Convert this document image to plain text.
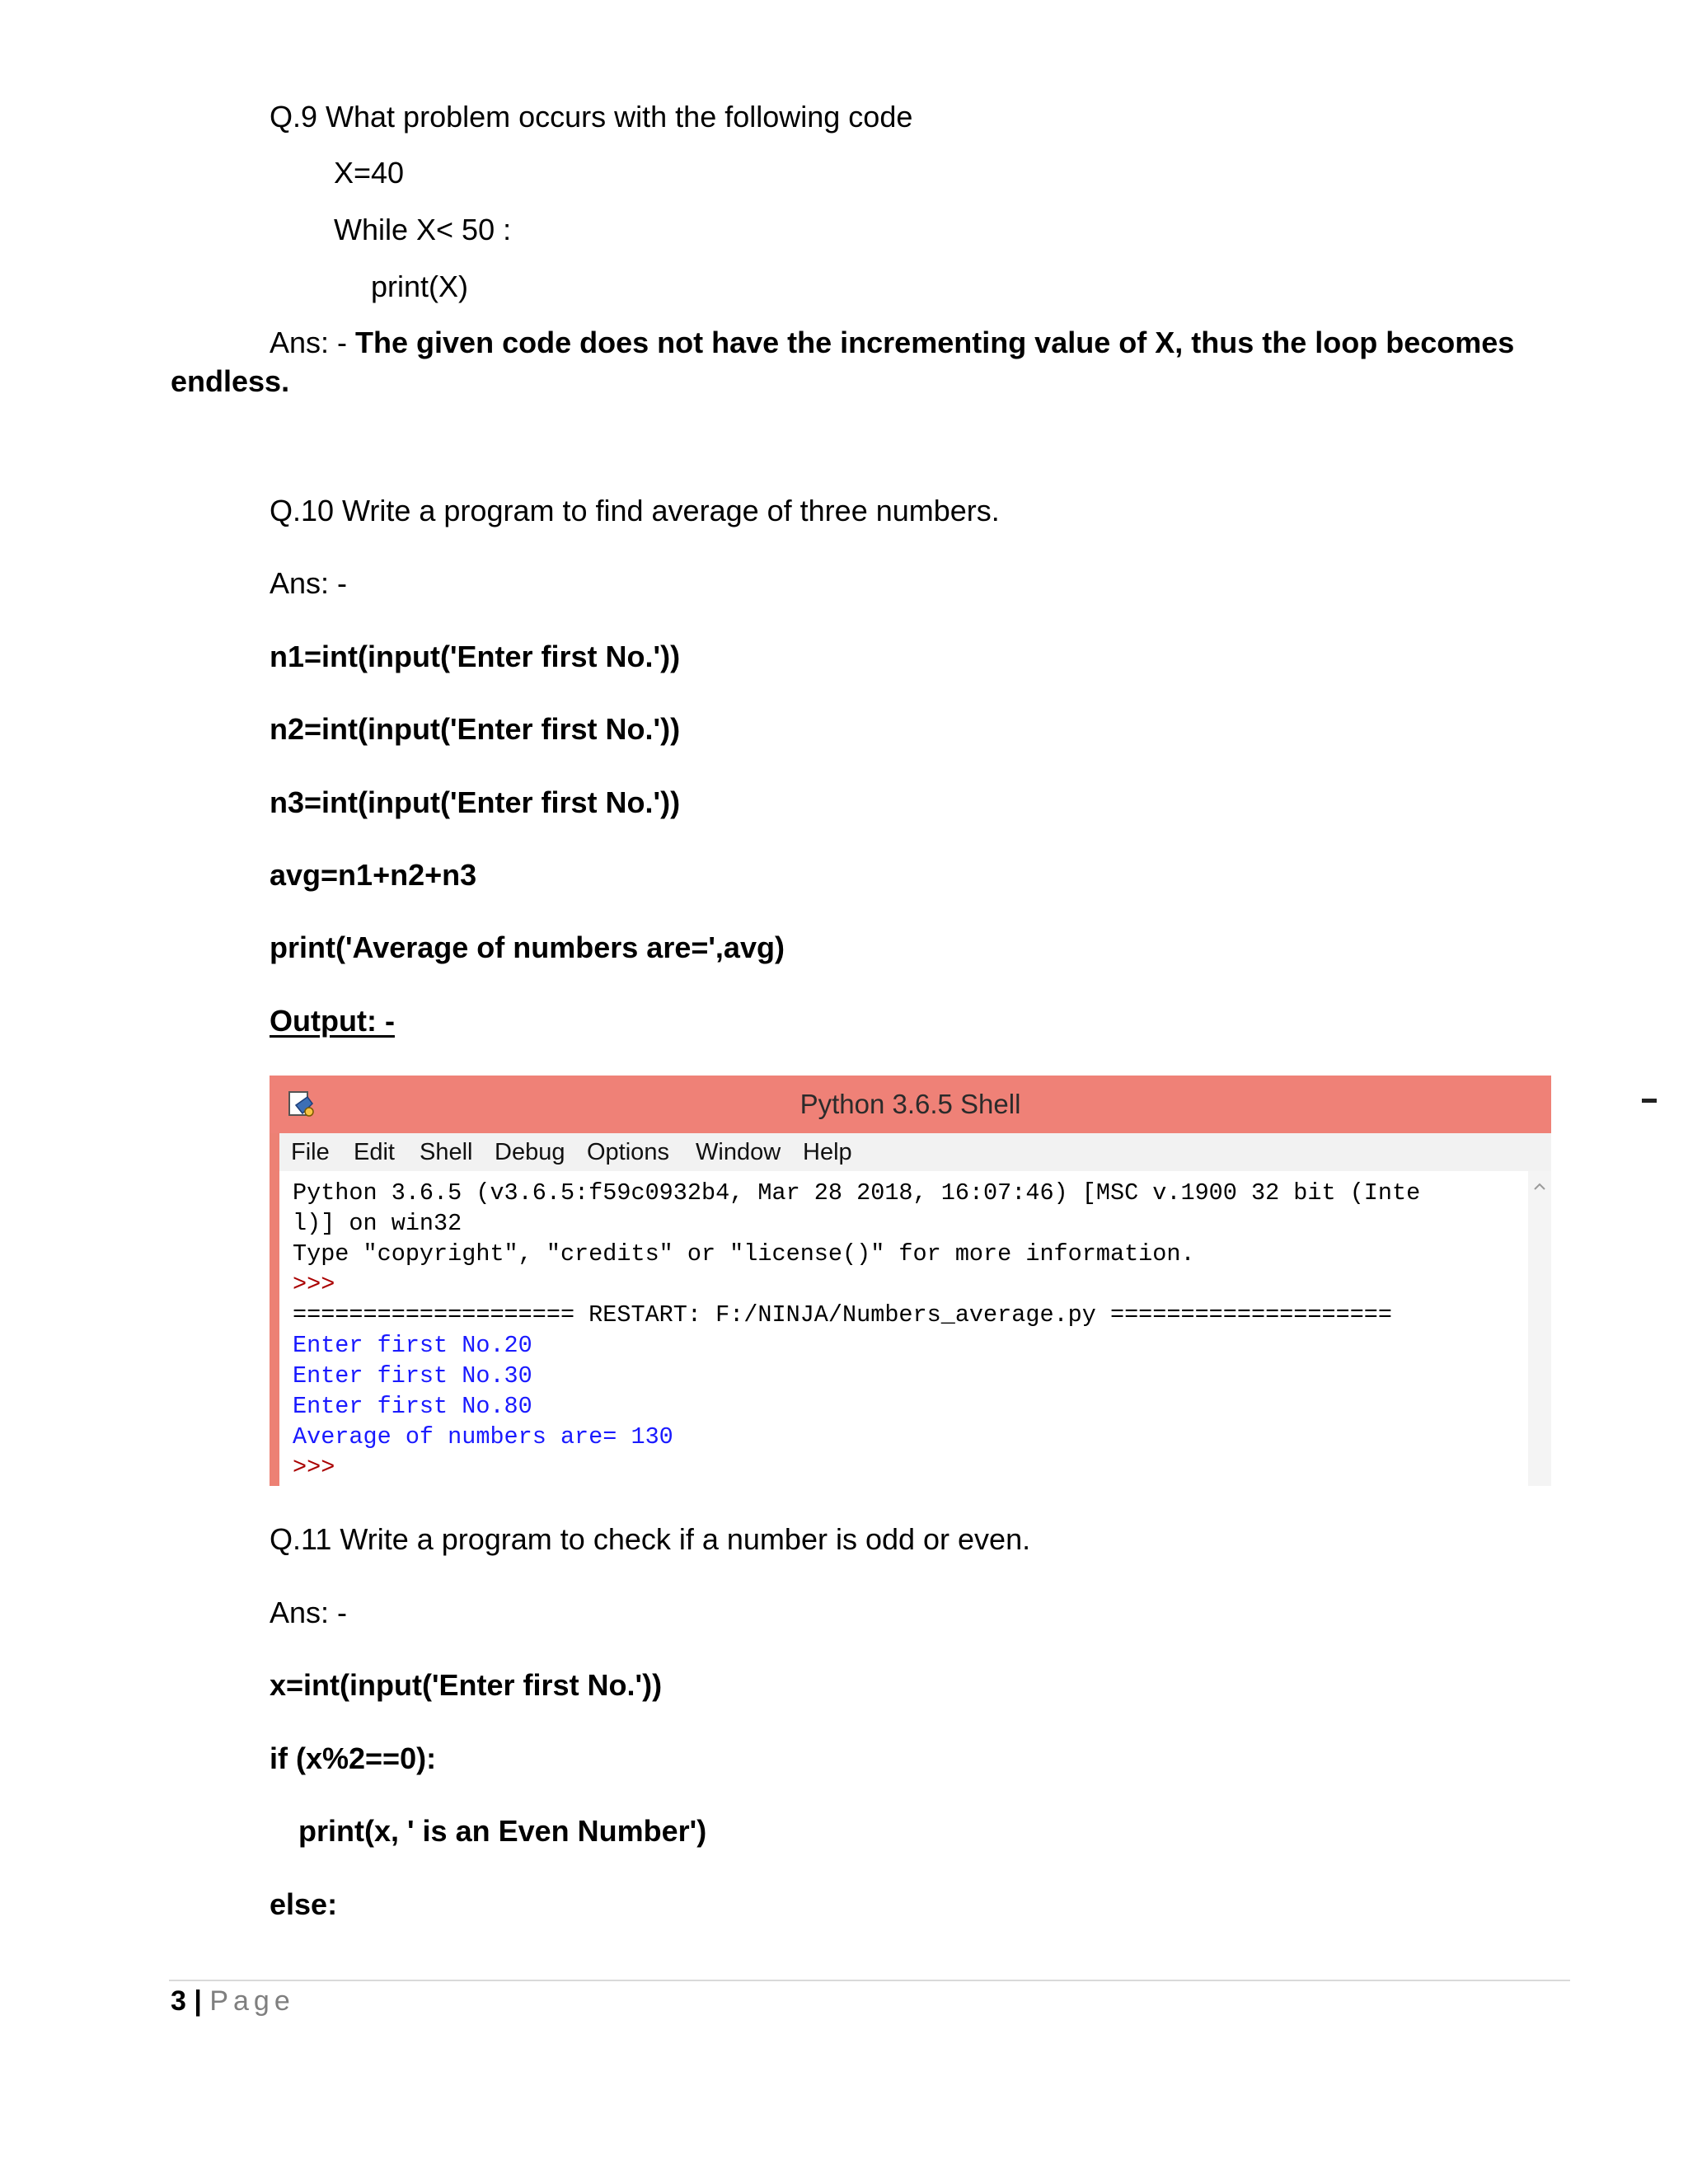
Q.9 What problem occurs with the following code
X=40
While X< 50 :
print(X)
Ans: - The given code does not have the incrementing value of X, thus the loop becomes
endless.
Q.10 Write a program to find average of three numbers.
Ans: -
n1=int(input('Enter first No.'))
n2=int(input('Enter first No.'))
n3=int(input('Enter first No.'))
avg=n1+n2+n3
print('Average of numbers are=',avg)
Output: -
Python 3.6.5 Shell
File Edit Shell Debug Options Window Help
Python 3.6.5 (v3.6.5:f59c0932b4, Mar 28 2018, 16:07:46) [MSC v.1900 32 bit (Inte
l)] on win32
Type "copyright", "credits" or "license()" for more information.
>>>
==================== RESTART: F:/NINJA/Numbers_average.py ====================
Enter first No.20
Enter first No.30
Enter first No.80
Average of numbers are= 130
>>>
Q.11 Write a program to check if a number is odd or even.
Ans: -
x=int(input('Enter first No.'))
if (x%2==0):
print(x, ' is an Even Number')
else:
3 | Page
